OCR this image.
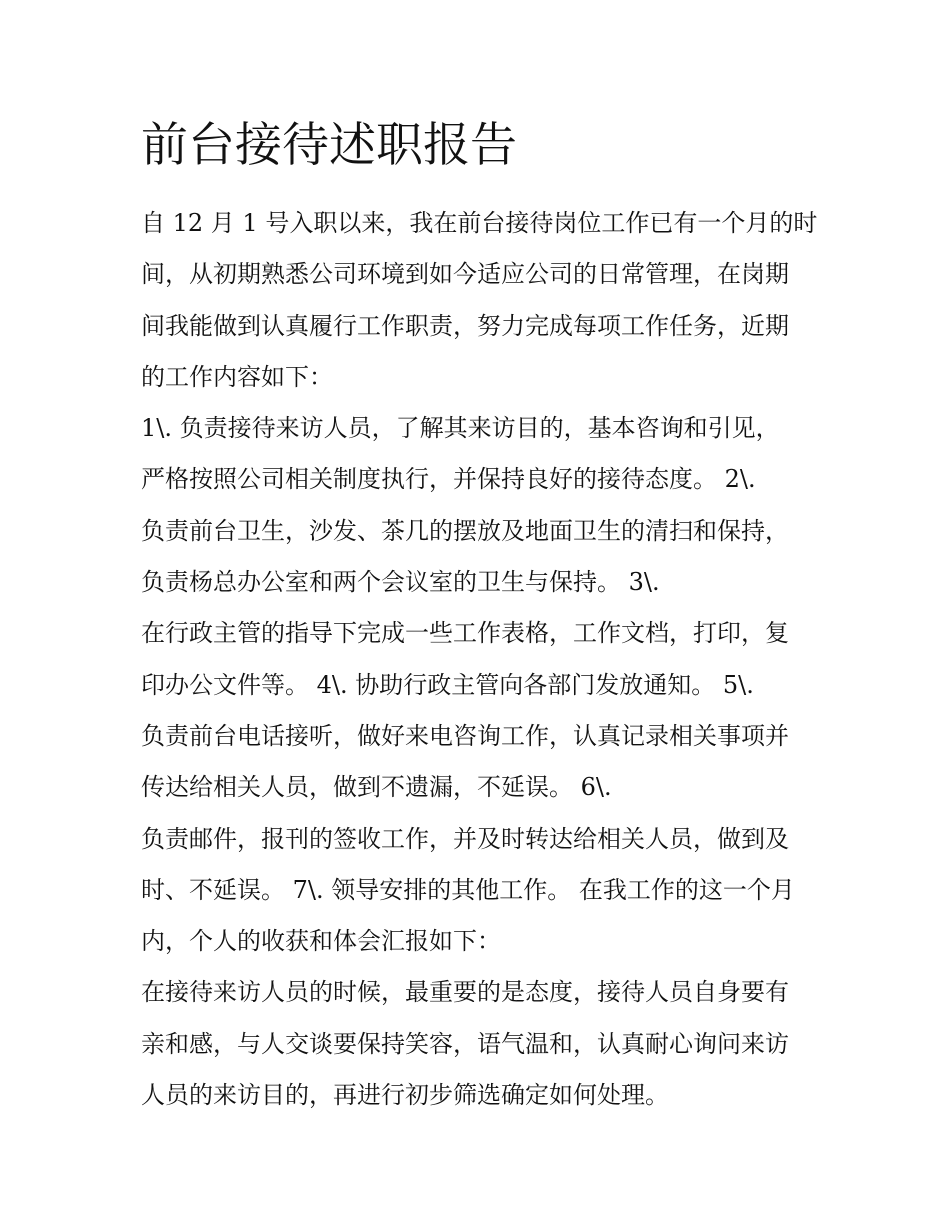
前台接待述职报告
自 12 月 1 号入职以来，我在前台接待岗位工作已有一个月的时
间，从初期熟悉公司环境到如今适应公司的日常管理，在岗期
间我能做到认真履行工作职责，努力完成每项工作任务，近期
的工作内容如下：
1\. 负责接待来访人员，了解其来访目的，基本咨询和引见，
严格按照公司相关制度执行，并保持良好的接待态度。 2\.
负责前台卫生，沙发、茶几的摆放及地面卫生的清扫和保持，
负责杨总办公室和两个会议室的卫生与保持。 3\.
在行政主管的指导下完成一些工作表格，工作文档，打印，复
印办公文件等。 4\. 协助行政主管向各部门发放通知。 5\.
负责前台电话接听，做好来电咨询工作，认真记录相关事项并
传达给相关人员，做到不遗漏，不延误。 6\.
负责邮件，报刊的签收工作，并及时转达给相关人员，做到及
时、不延误。 7\. 领导安排的其他工作。 在我工作的这一个月
内，个人的收获和体会汇报如下：
在接待来访人员的时候，最重要的是态度，接待人员自身要有
亲和感，与人交谈要保持笑容，语气温和，认真耐心询问来访
人员的来访目的，再进行初步筛选确定如何处理。
